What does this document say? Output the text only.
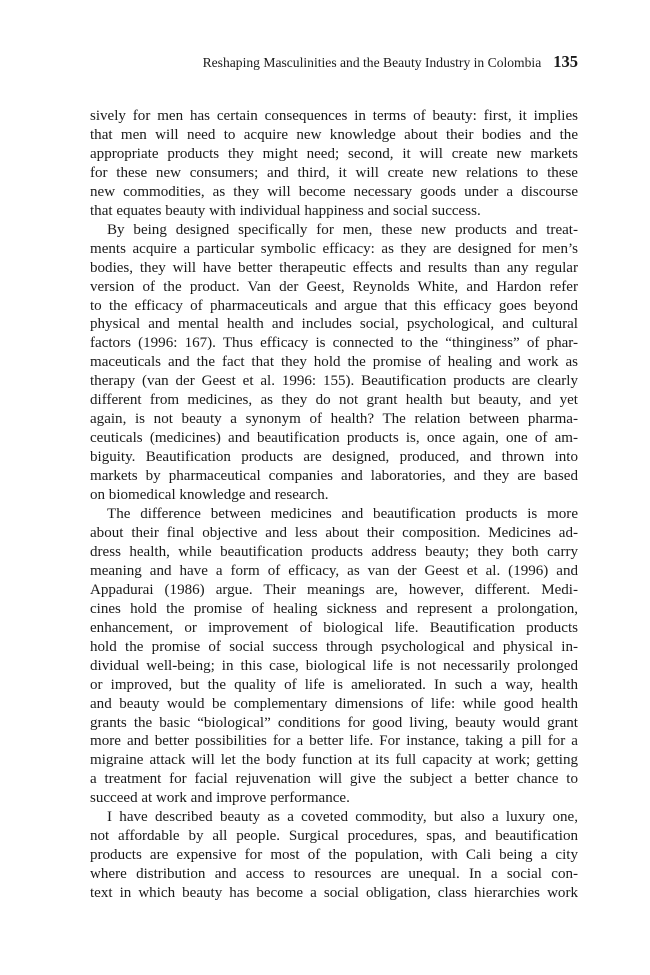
Reshaping Masculinities and the Beauty Industry in Colombia 135

sively for men has certain consequences in terms of beauty: first, it implies
that men will need to acquire new knowledge about their bodies and the
appropriate products they might need; second, it will create new markets
for these new consumers; and third, it will create new relations to these
new commodities, as they will become necessary goods under a discourse
that equates beauty with individual happiness and social success.

By being designed specifically for men, these new products and treat-
ments acquire a particular symbolic efficacy: as they are designed for men’s
bodies, they will have better therapeutic effects and results than any regular
version of the product. Van der Geest, Reynolds White, and Hardon refer
to the efficacy of pharmaceuticals and argue that this efficacy goes beyond
physical and mental health and includes social, psychological, and cultural
factors (1996: 167). Thus efficacy is connected to the “thinginess” of phar-
maceuticals and the fact that they hold the promise of healing and work as
therapy (van der Geest et al. 1996: 155). Beautification products are clearly
different from medicines, as they do not grant health but beauty, and yet
again, is not beauty a synonym of health? The relation between pharma-
ceuticals (medicines) and beautification products is, once again, one of am-
biguity. Beautification products are designed, produced, and thrown into
markets by pharmaceutical companies and laboratories, and they are based
on biomedical knowledge and research.

The difference between medicines and beautification products is more
about their final objective and less about their composition. Medicines ad-
dress health, while beautification products address beauty; they both carry
meaning and have a form of efficacy, as van der Geest et al. (1996) and
Appadurai (1986) argue. Their meanings are, however, different. Medi-
cines hold the promise of healing sickness and represent a prolongation,
enhancement, or improvement of biological life. Beautification products
hold the promise of social success through psychological and physical in-
dividual well-being; in this case, biological life is not necessarily prolonged
or improved, but the quality of life is ameliorated. In such a way, health
and beauty would be complementary dimensions of life: while good health
grants the basic “biological” conditions for good living, beauty would grant
more and better possibilities for a better life. For instance, taking a pill for a
migraine attack will let the body function at its full capacity at work; getting
a treatment for facial rejuvenation will give the subject a better chance to
succeed at work and improve performance.

I have described beauty as a coveted commodity, but also a luxury one,
not affordable by all people. Surgical procedures, spas, and beautification
products are expensive for most of the population, with Cali being a city
where distribution and access to resources are unequal. In a social con-
text in which beauty has become a social obligation, class hierarchies work
